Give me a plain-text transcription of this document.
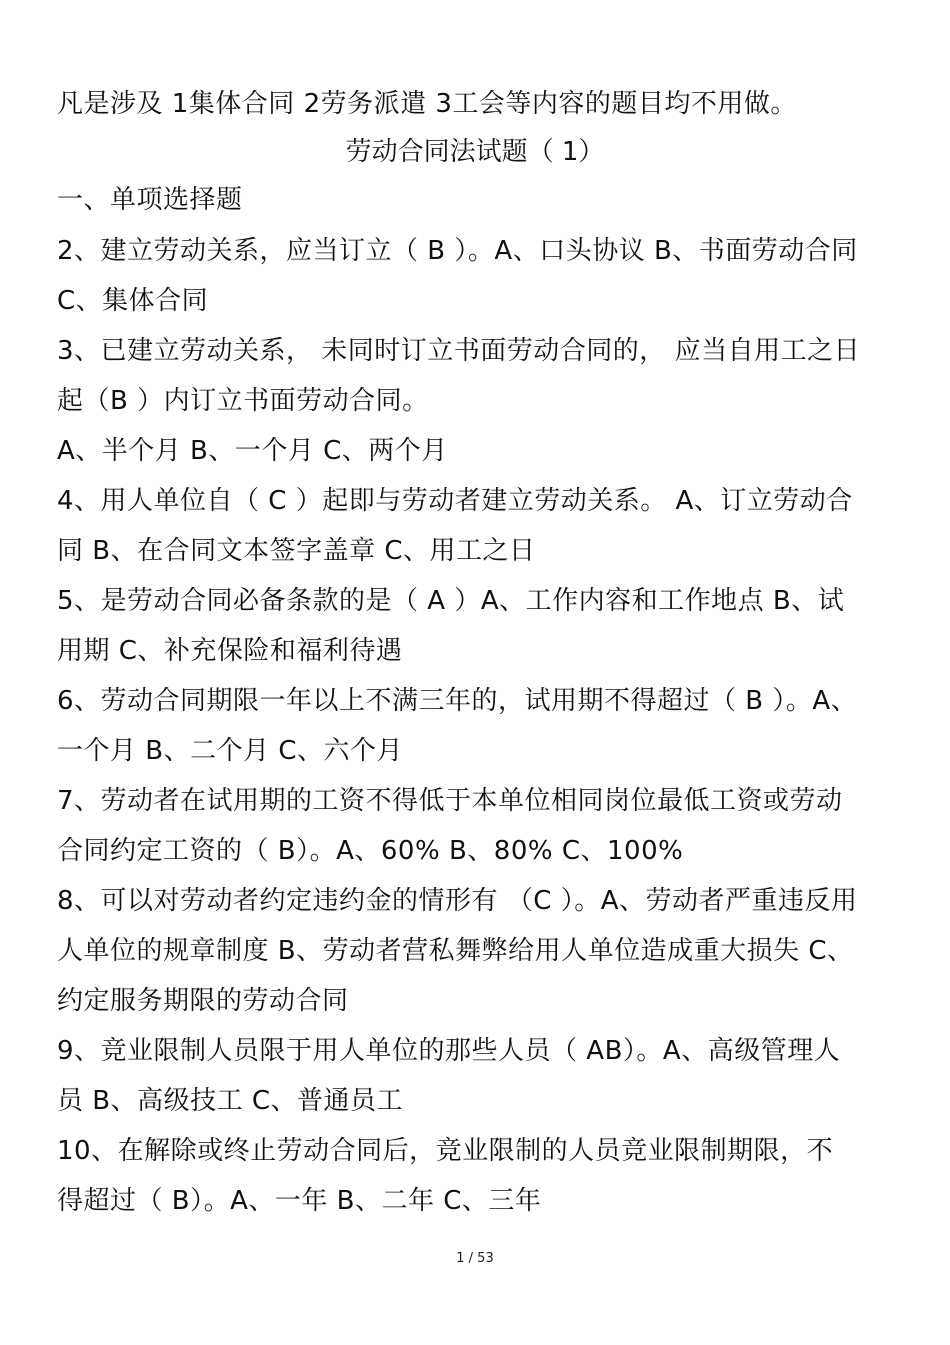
凡是涉及 1集体合同 2劳务派遣 3工会等内容的题目均不用做。
劳动合同法试题（ 1）
一、单项选择题
2、建立劳动关系，应当订立（ B ）。A、口头协议 B、书面劳动合同
C、集体合同
3、已建立劳动关系， 未同时订立书面劳动合同的， 应当自用工之日
起（B ）内订立书面劳动合同。
A、半个月 B、一个月 C、两个月
4、用人单位自（ C ）起即与劳动者建立劳动关系。 A、订立劳动合
同 B、在合同文本签字盖章 C、用工之日
5、是劳动合同必备条款的是（ A ）A、工作内容和工作地点 B、试
用期 C、补充保险和福利待遇
6、劳动合同期限一年以上不满三年的，试用期不得超过（ B ）。A、
一个月 B、二个月 C、六个月
7、劳动者在试用期的工资不得低于本单位相同岗位最低工资或劳动
合同约定工资的（ B）。A、60% B、80% C、100%
8、可以对劳动者约定违约金的情形有 （C ）。A、劳动者严重违反用
人单位的规章制度 B、劳动者营私舞弊给用人单位造成重大损失 C、
约定服务期限的劳动合同
9、竞业限制人员限于用人单位的那些人员（ AB）。A、高级管理人
员 B、高级技工 C、普通员工
10、在解除或终止劳动合同后，竞业限制的人员竞业限制期限，不
得超过（ B）。A、一年 B、二年 C、三年
1 / 53
